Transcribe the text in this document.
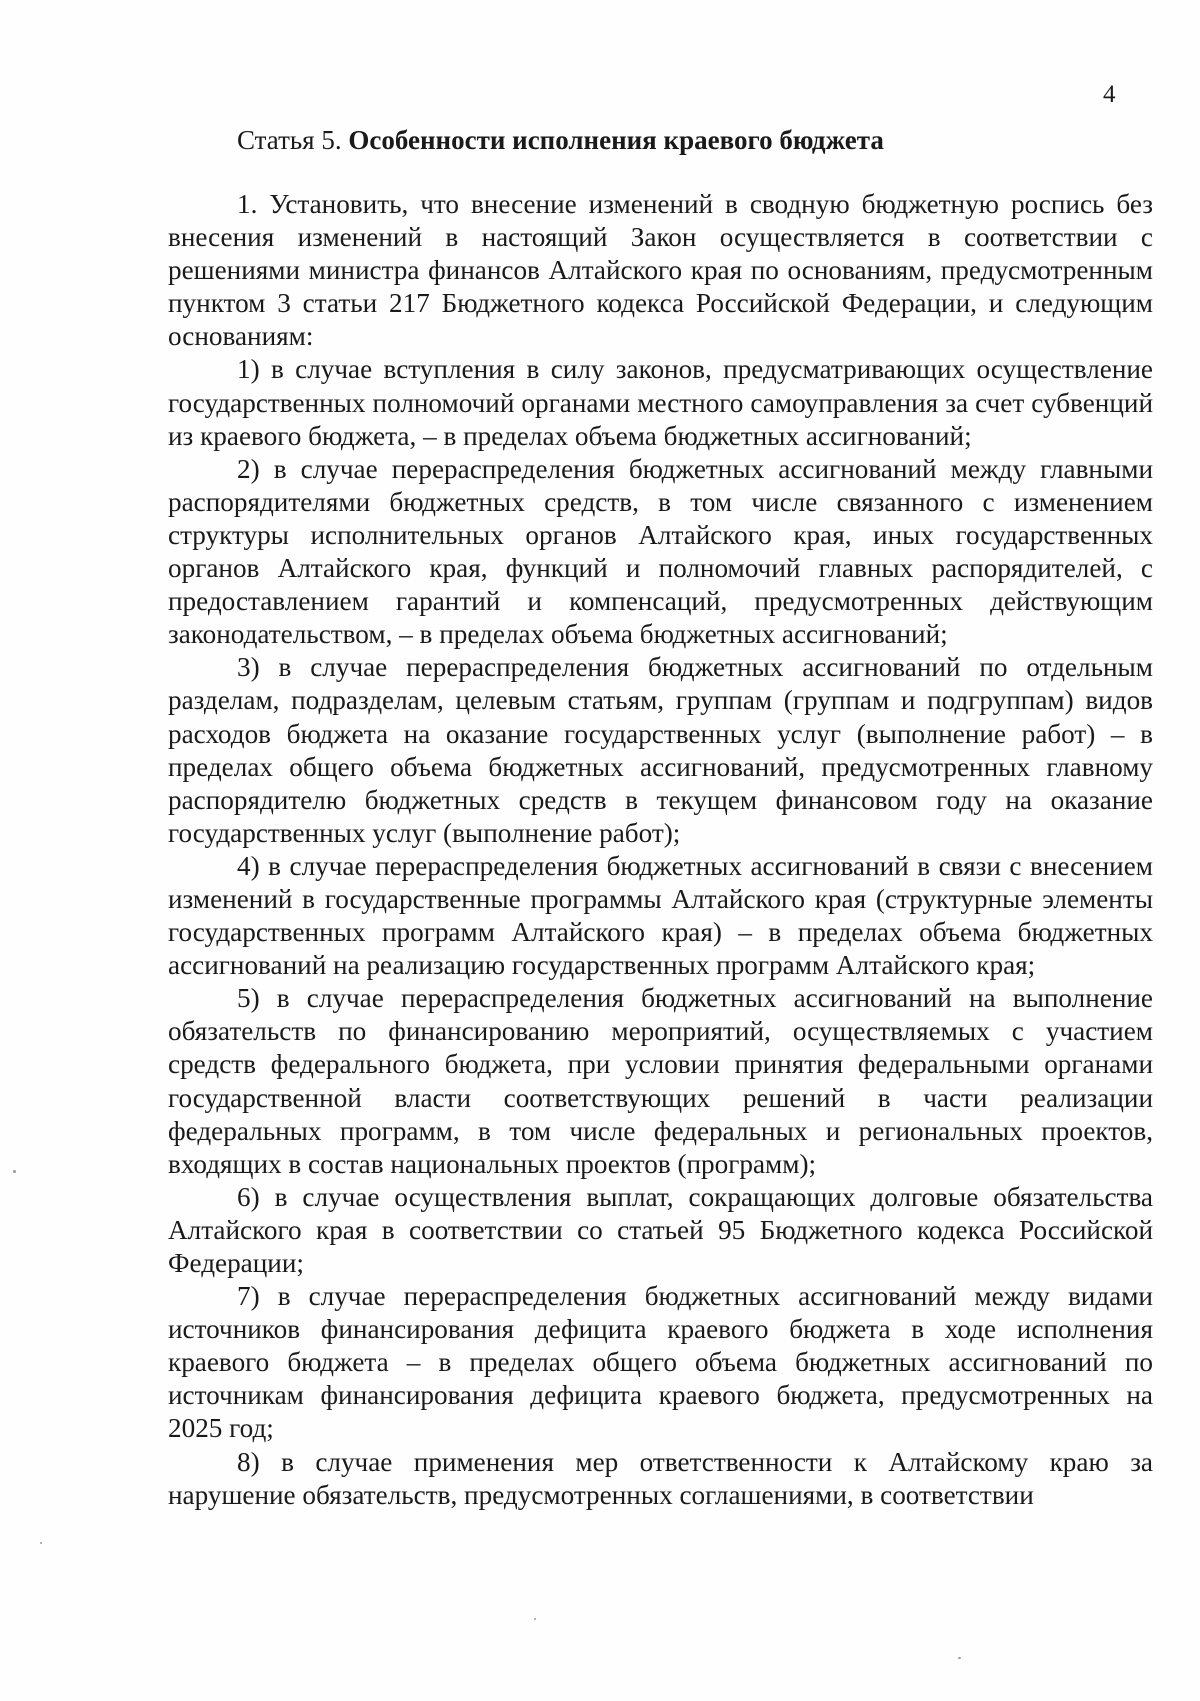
4
Статья 5. Особенности исполнения краевого бюджета

1. Установить, что внесение изменений в сводную бюджетную роспись без внесения изменений в настоящий Закон осуществляется в соответствии с решениями министра финансов Алтайского края по основаниям, предусмотренным пунктом 3 статьи 217 Бюджетного кодекса Российской Федерации, и следующим основаниям:

1) в случае вступления в силу законов, предусматривающих осуществление государственных полномочий органами местного самоуправления за счет субвенций из краевого бюджета, – в пределах объема бюджетных ассигнований;

2) в случае перераспределения бюджетных ассигнований между главными распорядителями бюджетных средств, в том числе связанного с изменением структуры исполнительных органов Алтайского края, иных государственных органов Алтайского края, функций и полномочий главных распорядителей, с предоставлением гарантий и компенсаций, предусмотренных действующим законодательством, – в пределах объема бюджетных ассигнований;

3) в случае перераспределения бюджетных ассигнований по отдельным разделам, подразделам, целевым статьям, группам (группам и подгруппам) видов расходов бюджета на оказание государственных услуг (выполнение работ) – в пределах общего объема бюджетных ассигнований, предусмотренных главному распорядителю бюджетных средств в текущем финансовом году на оказание государственных услуг (выполнение работ);

4) в случае перераспределения бюджетных ассигнований в связи с внесением изменений в государственные программы Алтайского края (структурные элементы государственных программ Алтайского края) – в пределах объема бюджетных ассигнований на реализацию государственных программ Алтайского края;

5) в случае перераспределения бюджетных ассигнований на выполнение обязательств по финансированию мероприятий, осуществляемых с участием средств федерального бюджета, при условии принятия федеральными органами государственной власти соответствующих решений в части реализации федеральных программ, в том числе федеральных и региональных проектов, входящих в состав национальных проектов (программ);

6) в случае осуществления выплат, сокращающих долговые обязательства Алтайского края в соответствии со статьей 95 Бюджетного кодекса Российской Федерации;

7) в случае перераспределения бюджетных ассигнований между видами источников финансирования дефицита краевого бюджета в ходе исполнения краевого бюджета – в пределах общего объема бюджетных ассигнований по источникам финансирования дефицита краевого бюджета, предусмотренных на 2025 год;

8) в случае применения мер ответственности к Алтайскому краю за нарушение обязательств, предусмотренных соглашениями, в соответствии
